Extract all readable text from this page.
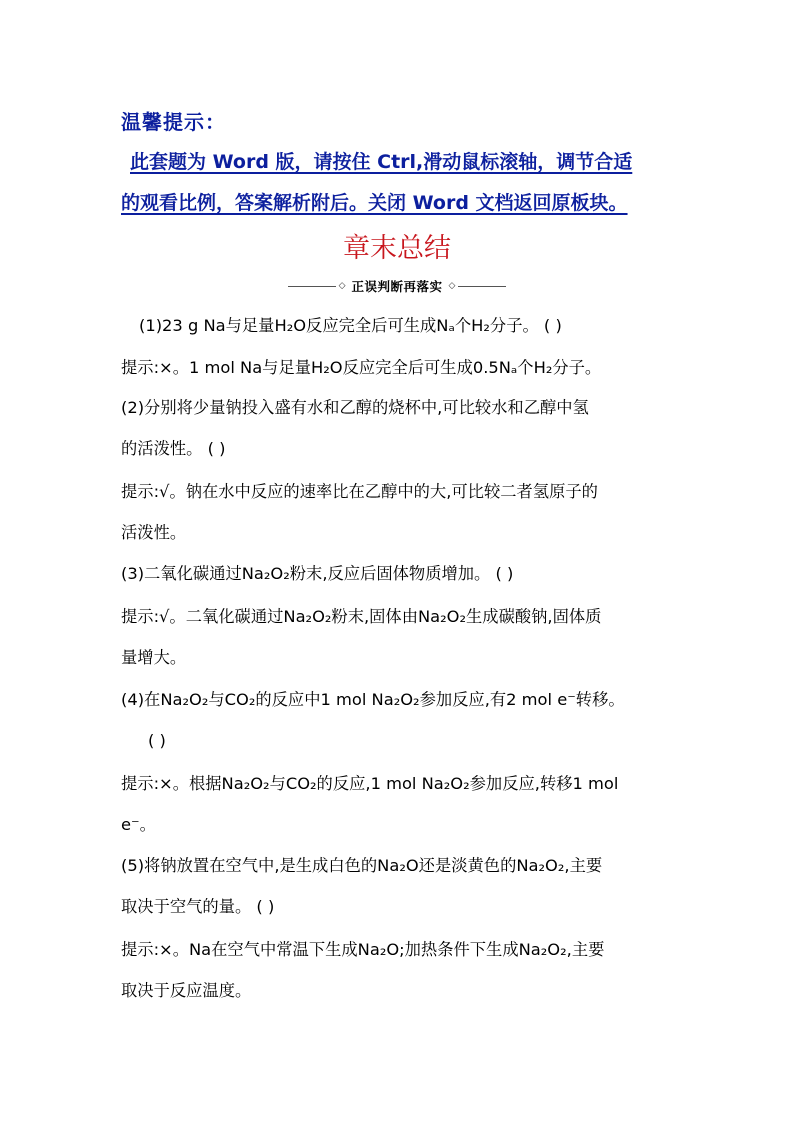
温馨提示：
此套题为 Word 版，请按住 Ctrl,滑动鼠标滚轴，调节合适
的观看比例，答案解析附后。关闭 Word 文档返回原板块。
章末总结
◇ 正误判断再落实 ◇
(1)23 g Na与足量H₂O反应完全后可生成Nₐ个H₂分子。 ( )
提示:×。1 mol Na与足量H₂O反应完全后可生成0.5Nₐ个H₂分子。
(2)分别将少量钠投入盛有水和乙醇的烧杯中,可比较水和乙醇中氢
的活泼性。 ( )
提示:√。钠在水中反应的速率比在乙醇中的大,可比较二者氢原子的
活泼性。
(3)二氧化碳通过Na₂O₂粉末,反应后固体物质增加。 ( )
提示:√。二氧化碳通过Na₂O₂粉末,固体由Na₂O₂生成碳酸钠,固体质
量增大。
(4)在Na₂O₂与CO₂的反应中1 mol Na₂O₂参加反应,有2 mol e⁻转移。
( )
提示:×。根据Na₂O₂与CO₂的反应,1 mol Na₂O₂参加反应,转移1 mol
e⁻。
(5)将钠放置在空气中,是生成白色的Na₂O还是淡黄色的Na₂O₂,主要
取决于空气的量。 ( )
提示:×。Na在空气中常温下生成Na₂O;加热条件下生成Na₂O₂,主要
取决于反应温度。
